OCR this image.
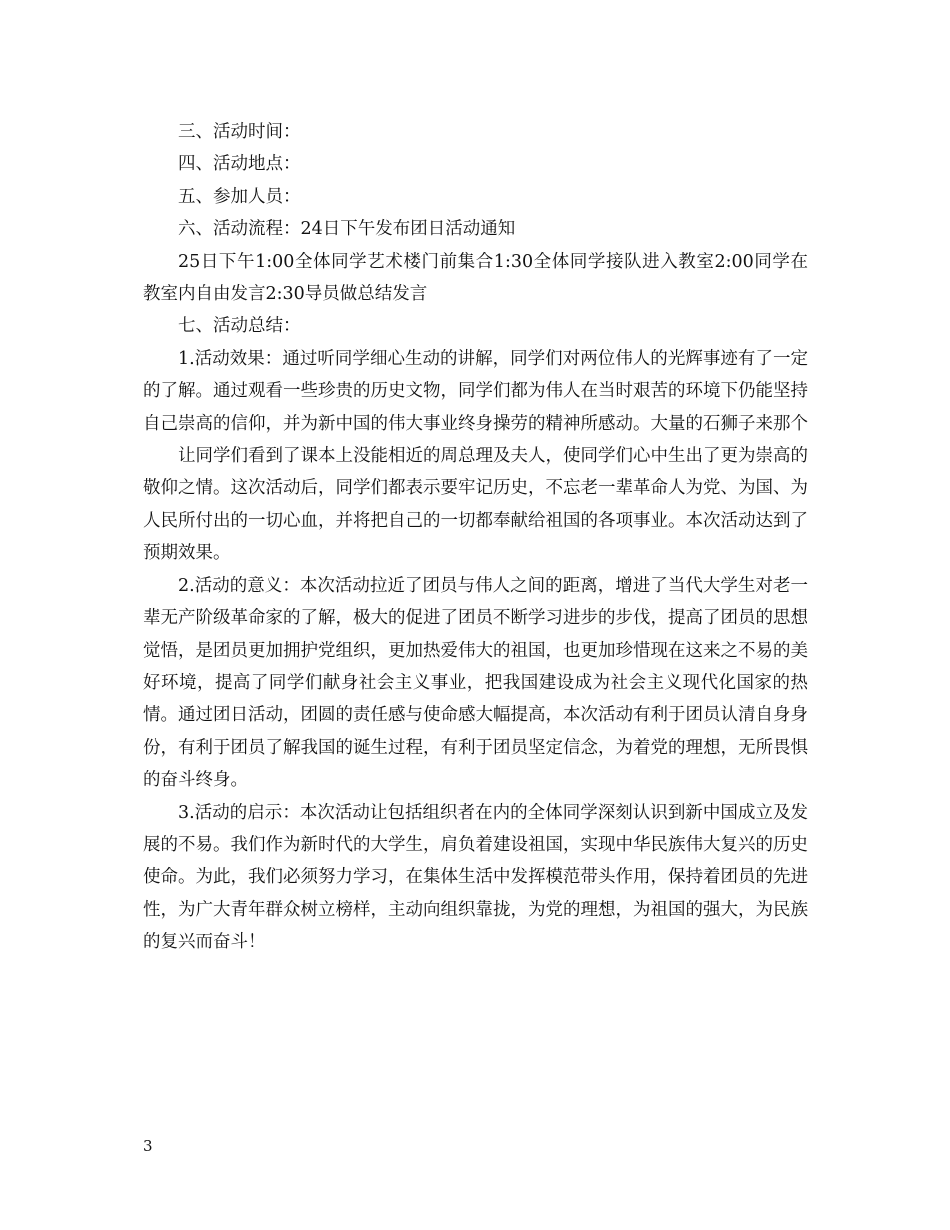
三、活动时间：

四、活动地点：

五、参加人员：

六、活动流程：24日下午发布团日活动通知

25日下午1:00全体同学艺术楼门前集合1:30全体同学接队进入教室2:00同学在教室内自由发言2:30导员做总结发言

七、活动总结：

1.活动效果：通过听同学细心生动的讲解，同学们对两位伟人的光辉事迹有了一定的了解。通过观看一些珍贵的历史文物，同学们都为伟人在当时艰苦的环境下仍能坚持自己崇高的信仰，并为新中国的伟大事业终身操劳的精神所感动。大量的石狮子来那个

让同学们看到了课本上没能相近的周总理及夫人，使同学们心中生出了更为崇高的敬仰之情。这次活动后，同学们都表示要牢记历史，不忘老一辈革命人为党、为国、为人民所付出的一切心血，并将把自己的一切都奉献给祖国的各项事业。本次活动达到了预期效果。

2.活动的意义：本次活动拉近了团员与伟人之间的距离，增进了当代大学生对老一辈无产阶级革命家的了解，极大的促进了团员不断学习进步的步伐，提高了团员的思想觉悟，是团员更加拥护党组织，更加热爱伟大的祖国，也更加珍惜现在这来之不易的美好环境，提高了同学们献身社会主义事业，把我国建设成为社会主义现代化国家的热情。通过团日活动，团圆的责任感与使命感大幅提高，本次活动有利于团员认清自身身份，有利于团员了解我国的诞生过程，有利于团员坚定信念，为着党的理想，无所畏惧的奋斗终身。

3.活动的启示：本次活动让包括组织者在内的全体同学深刻认识到新中国成立及发展的不易。我们作为新时代的大学生，肩负着建设祖国，实现中华民族伟大复兴的历史使命。为此，我们必须努力学习，在集体生活中发挥模范带头作用，保持着团员的先进性，为广大青年群众树立榜样，主动向组织靠拢，为党的理想，为祖国的强大，为民族的复兴而奋斗！

3
